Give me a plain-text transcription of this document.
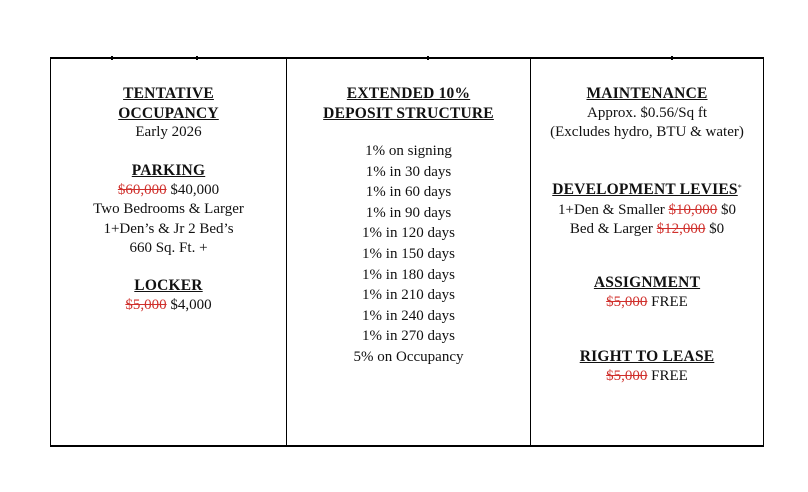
TENTATIVE
OCCUPANCY
Early 2026
PARKING
$60,000 $40,000
Two Bedrooms & Larger
1+Den’s & Jr 2 Bed’s
660 Sq. Ft. +
LOCKER
$5,000 $4,000
EXTENDED 10%
DEPOSIT STRUCTURE
1% on signing
1% in 30 days
1% in 60 days
1% in 90 days
1% in 120 days
1% in 150 days
1% in 180 days
1% in 210 days
1% in 240 days
1% in 270 days
5% on Occupancy
MAINTENANCE
Approx. $0.56/Sq ft
(Excludes hydro, BTU & water)
DEVELOPMENT LEVIES*
1+Den & Smaller $10,000 $0
Bed & Larger $12,000 $0
ASSIGNMENT
$5,000 FREE
RIGHT TO LEASE
$5,000 FREE
